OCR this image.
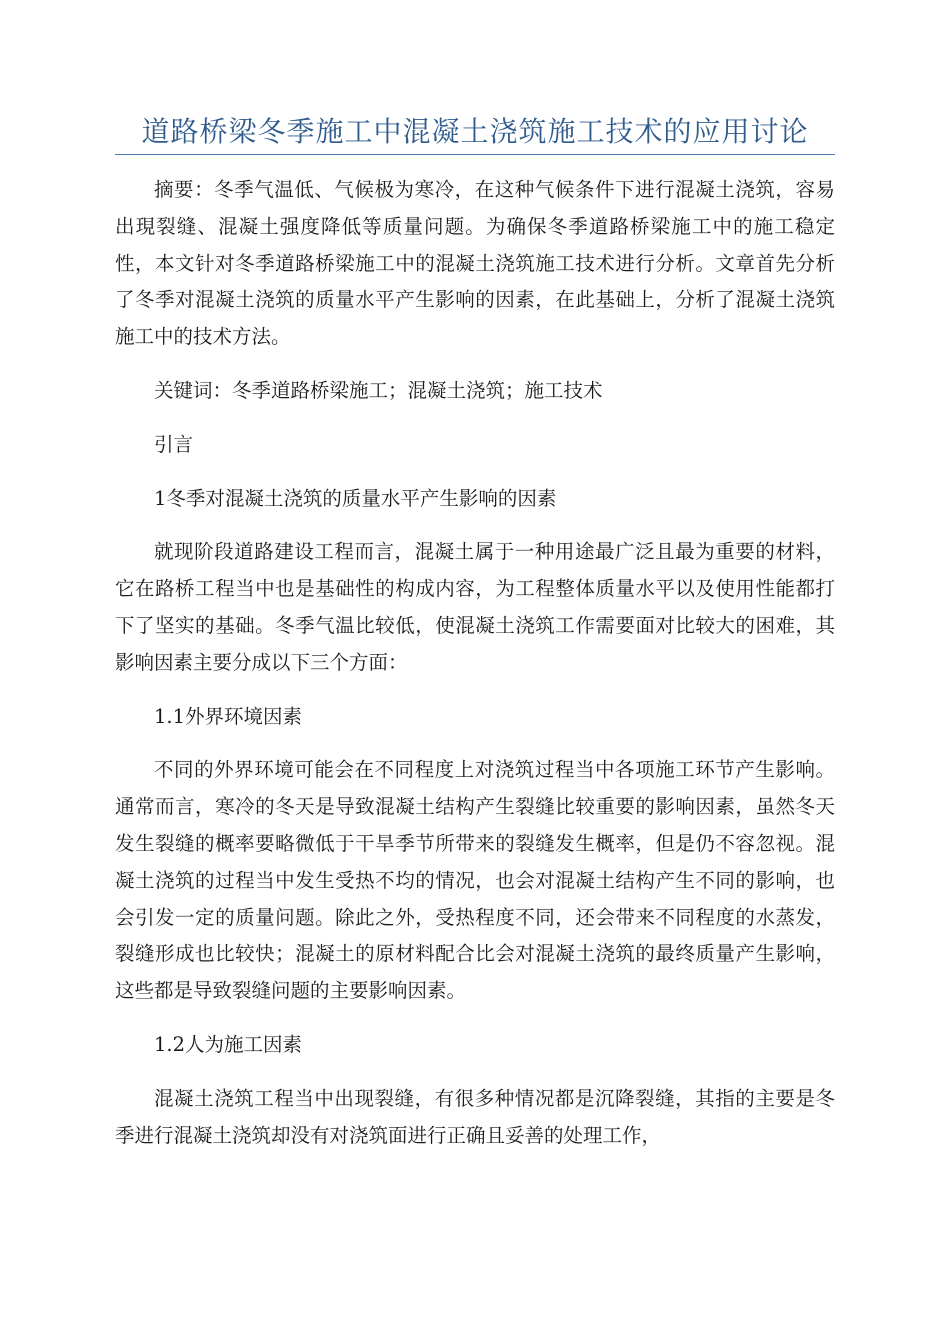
道路桥梁冬季施工中混凝土浇筑施工技术的应用讨论

摘要：冬季气温低、气候极为寒冷，在这种气候条件下进行混凝土浇筑，容易出現裂缝、混凝土强度降低等质量问题。为确保冬季道路桥梁施工中的施工稳定性，本文针对冬季道路桥梁施工中的混凝土浇筑施工技术进行分析。文章首先分析了冬季对混凝土浇筑的质量水平产生影响的因素，在此基础上，分析了混凝土浇筑施工中的技术方法。

关键词：冬季道路桥梁施工；混凝土浇筑；施工技术

引言

1冬季对混凝土浇筑的质量水平产生影响的因素

就现阶段道路建设工程而言，混凝土属于一种用途最广泛且最为重要的材料，它在路桥工程当中也是基础性的构成内容，为工程整体质量水平以及使用性能都打下了坚实的基础。冬季气温比较低，使混凝土浇筑工作需要面对比较大的困难，其影响因素主要分成以下三个方面：

1.1外界环境因素

不同的外界环境可能会在不同程度上对浇筑过程当中各项施工环节产生影响。通常而言，寒冷的冬天是导致混凝土结构产生裂缝比较重要的影响因素，虽然冬天发生裂缝的概率要略微低于干旱季节所带来的裂缝发生概率，但是仍不容忽视。混凝土浇筑的过程当中发生受热不均的情况，也会对混凝土结构产生不同的影响，也会引发一定的质量问题。除此之外，受热程度不同，还会带来不同程度的水蒸发，裂缝形成也比较快；混凝土的原材料配合比会对混凝土浇筑的最终质量产生影响，这些都是导致裂缝问题的主要影响因素。

1.2人为施工因素

混凝土浇筑工程当中出现裂缝，有很多种情况都是沉降裂缝，其指的主要是冬季进行混凝土浇筑却没有对浇筑面进行正确且妥善的处理工作，
